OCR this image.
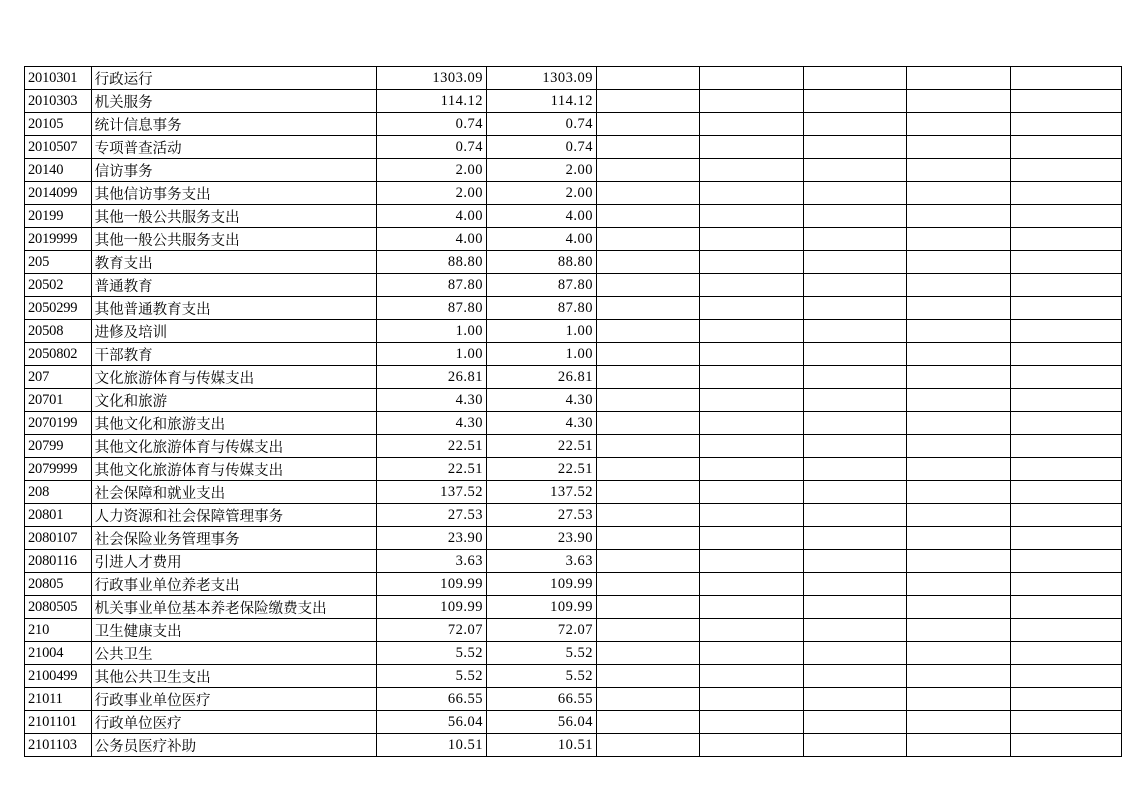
2010301	行政运行	1303.09	1303.09					
2010303	机关服务	114.12	114.12					
20105	统计信息事务	0.74	0.74					
2010507	专项普查活动	0.74	0.74					
20140	信访事务	2.00	2.00					
2014099	其他信访事务支出	2.00	2.00					
20199	其他一般公共服务支出	4.00	4.00					
2019999	其他一般公共服务支出	4.00	4.00					
205	教育支出	88.80	88.80					
20502	普通教育	87.80	87.80					
2050299	其他普通教育支出	87.80	87.80					
20508	进修及培训	1.00	1.00					
2050802	干部教育	1.00	1.00					
207	文化旅游体育与传媒支出	26.81	26.81					
20701	文化和旅游	4.30	4.30					
2070199	其他文化和旅游支出	4.30	4.30					
20799	其他文化旅游体育与传媒支出	22.51	22.51					
2079999	其他文化旅游体育与传媒支出	22.51	22.51					
208	社会保障和就业支出	137.52	137.52					
20801	人力资源和社会保障管理事务	27.53	27.53					
2080107	社会保险业务管理事务	23.90	23.90					
2080116	引进人才费用	3.63	3.63					
20805	行政事业单位养老支出	109.99	109.99					
2080505	机关事业单位基本养老保险缴费支出	109.99	109.99					
210	卫生健康支出	72.07	72.07					
21004	公共卫生	5.52	5.52					
2100499	其他公共卫生支出	5.52	5.52					
21011	行政事业单位医疗	66.55	66.55					
2101101	行政单位医疗	56.04	56.04					
2101103	公务员医疗补助	10.51	10.51					
